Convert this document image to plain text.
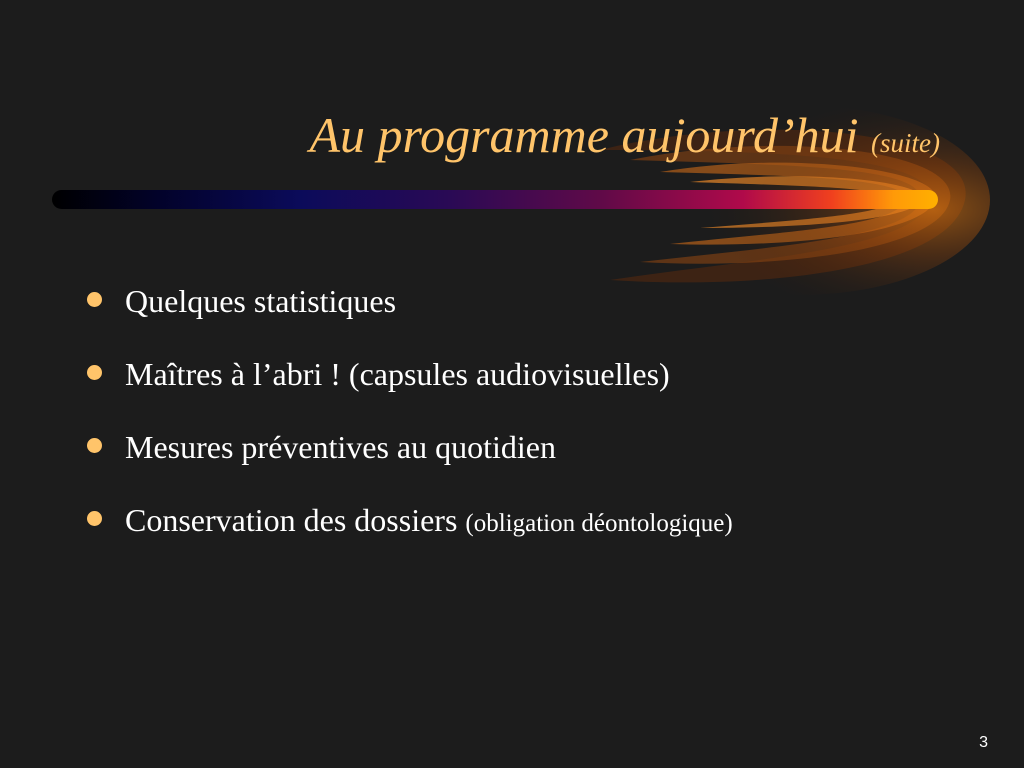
Au programme aujourd’hui (suite)
Quelques statistiques
Maîtres à l’abri ! (capsules audiovisuelles)
Mesures préventives au quotidien
Conservation des dossiers (obligation déontologique)
3
